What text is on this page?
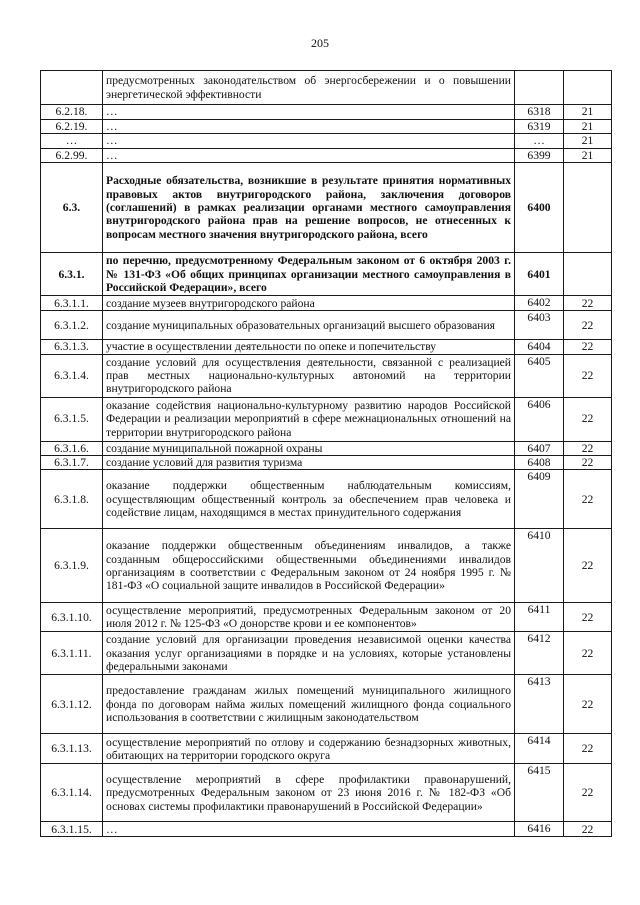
205
	предусмотренных законодательством об энергосбережении и о повышении энергетической эффективности		
6.2.18.	…	6318	21
6.2.19.	…	6319	21
…	…	…	21
6.2.99.	…	6399	21
6.3.	Расходные обязательства, возникшие в результате принятия нормативных правовых актов внутригородского района, заключения договоров (соглашений) в рамках реализации органами местного самоуправления внутригородского района прав на решение вопросов, не отнесенных к вопросам местного значения внутригородского района, всего	6400	
6.3.1.	по перечню, предусмотренному Федеральным законом от 6 октября 2003 г. № 131-ФЗ «Об общих принципах организации местного самоуправления в Российской Федерации», всего	6401	
6.3.1.1.	создание музеев внутригородского района	6402	22
6.3.1.2.	создание муниципальных образовательных организаций высшего образования	6403	22
6.3.1.3.	участие в осуществлении деятельности по опеке и попечительству	6404	22
6.3.1.4.	создание условий для осуществления деятельности, связанной с реализацией прав местных национально-культурных автономий на территории внутригородского района	6405	22
6.3.1.5.	оказание содействия национально-культурному развитию народов Российской Федерации и реализации мероприятий в сфере межнациональных отношений на территории внутригородского района	6406	22
6.3.1.6.	создание муниципальной пожарной охраны	6407	22
6.3.1.7.	создание условий для развития туризма	6408	22
6.3.1.8.	оказание поддержки общественным наблюдательным комиссиям, осуществляющим общественный контроль за обеспечением прав человека и содействие лицам, находящимся в местах принудительного содержания	6409	22
6.3.1.9.	оказание поддержки общественным объединениям инвалидов, а также созданным общероссийскими общественными объединениями инвалидов организациям в соответствии с Федеральным законом от 24 ноября 1995 г. № 181-ФЗ «О социальной защите инвалидов в Российской Федерации»	6410	22
6.3.1.10.	осуществление мероприятий, предусмотренных Федеральным законом от 20 июля 2012 г. № 125-ФЗ «О донорстве крови и ее компонентов»	6411	22
6.3.1.11.	создание условий для организации проведения независимой оценки качества оказания услуг организациями в порядке и на условиях, которые установлены федеральными законами	6412	22
6.3.1.12.	предоставление гражданам жилых помещений муниципального жилищного фонда по договорам найма жилых помещений жилищного фонда социального использования в соответствии с жилищным законодательством	6413	22
6.3.1.13.	осуществление мероприятий по отлову и содержанию безнадзорных животных, обитающих на территории городского округа	6414	22
6.3.1.14.	осуществление мероприятий в сфере профилактики правонарушений, предусмотренных Федеральным законом от 23 июня 2016 г. № 182-ФЗ «Об основах системы профилактики правонарушений в Российской Федерации»	6415	22
6.3.1.15.	…	6416	22
